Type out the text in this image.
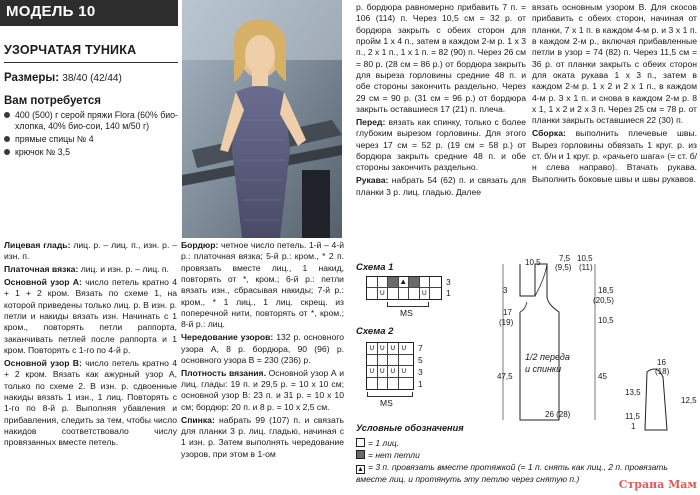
МОДЕЛЬ 10
УЗОРЧАТАЯ ТУНИКА
Размеры: 38/40 (42/44)
Вам потребуется
400 (500) г серой пряжи Flora (60% био-хлопка, 40% био-сои, 140 м/50 г)
прямые спицы № 4
крючок № 3,5

Лицевая гладь: лиц. р. – лиц. п., изн. р. – изн. п.

Платочная вязка: лиц. и изн. р. – лиц. п.

Основной узор А: число петель кратно 4 + 1 + 2 кром. Вязать по схеме 1, на которой приведены только лиц. р. В изн. р. петли и накиды вязать изн. Начинать с 1 кром., повторять петли раппорта, заканчивать петлей после раппорта и 1 кром. Повторять с 1-го по 4-й р.

Основной узор В: число петель кратно 4 + 2 кром. Вязать как ажурный узор А, только по схеме 2. В изн. р. сдвоенные накиды вязать 1 изн., 1 лиц. Повторять с 1-го по 8-й р. Выполняя убавления и прибавления, следить за тем, чтобы число накидов соответствовало числу провязанных вместе петель.

Бордюр: четное число петель. 1-й – 4-й р.: платочная вязка; 5-й р.: кром., * 2 п. провязать вместе лиц., 1 накид, повторять от *, кром.; 6-й р.: петли вязать изн., сбрасывая накиды; 7-й р.: кром., * 1 лиц., 1 лиц. скрещ. из поперечной нити, повторять от *, кром.; 8-й р.: лиц.

Чередование узоров: 132 р. основного узора А, 8 р. бордюра, 90 (96) р. основного узора В = 230 (236) р.

Плотность вязания. Основной узор А и лиц. глады: 19 п. и 29,5 р. = 10 х 10 см; основной узор В: 23 п. и 31 р. = 10 х 10 см; бордюр: 20 п. и 8 р. = 10 х 2,5 см.

Спинка: набрать 99 (107) п. и связать для планки 3 р. лиц. гладью, начиная с 1 изн. р. Затем выполнять чередование узоров, при этом в 1-ом

р. бордюра равномерно прибавить 7 п. = 106 (114) п. Через 10,5 см = 32 р. от бордюра закрыть с обеих сторон для пройм 1 х 4 п., затем в каждом 2-м р. 1 х 3 п., 2 х 1 п., 1 х 1 п. = 82 (90) п. Через 26 см = 80 р. (28 см = 86 р.) от бордюра закрыть для выреза горловины средние 48 п. и обе стороны закончить раздельно. Через 29 см = 90 р. (31 см = 96 р.) от бордюра закрыть оставшиеся 17 (21) п. плеча.

Перед: вязать как спинку, только с более глубоким вырезом горловины. Для этого через 17 см = 52 р. (19 см = 58 р.) от бордюра закрыть средние 48 п. и обе стороны закончить раздельно.

Рукава: набрать 54 (62) п. и связать для планки 3 р. лиц. гладью. Далее

вязать основным узором В. Для скосов прибавить с обеих сторон, начиная от планки, 7 х 1 п. в каждом 4-м р. и 3 х 1 п. в каждом 2-м р., включая прибавленные петли в узор = 74 (82) п. Через 11,5 см = 36 р. от планки закрыть с обеих сторон для оката рукава 1 х 3 п., затем в каждом 2-м р. 1 х 2 и 2 х 1 п., в каждом 4-м р. 3 х 1 п. и снова в каждом 2-м р. 8 х 1, 1 х 2 и 2 х 3 п. Через 25 см = 78 р. от планки закрыть оставшиеся 22 (30) п.

Сборка: выполнить плечевые швы. Вырез горловины обвязать 1 круг. р. из ст. б/н и 1 круг. р. «рачьего шага» (= ст. б/н слева направо). Втачать рукава. Выполнить боковые швы и швы рукавов.

Схема 1
▲
∪	∪
3
1
MS
Схема 2
∪ ∪ ∪ ∪
∪ ∪ ∪ ∪
7
5
3
1
MS
Условные обозначения
= 1 лиц.
= нет петли
▲ = 3 п. провязать вместе протяжкой (= 1 п. снять как лиц., 2 п. провязать вместе лиц. и протянуть эту петлю через снятую п.)
10,5 7,5
(9,5)
10,5
(11)
3
17
(19)
47,5
18,5
(20,5)
10,5
45
1/2 переда
и спинки
26 (28)
16
(18)
13,5
12,5
11,5
1
Страна Мам
